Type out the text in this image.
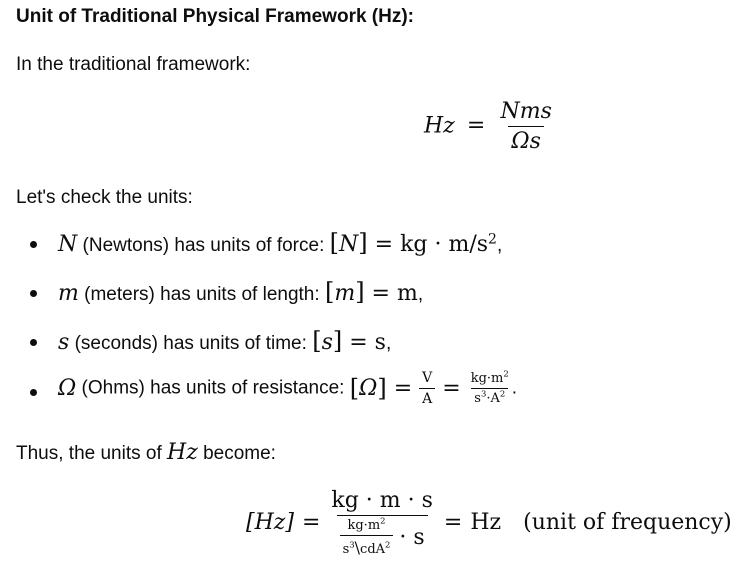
Unit of Traditional Physical Framework (Hz):
In the traditional framework:
$Hz = \frac{\text{Nms}}{\Omega s}$
Let's check the units:
N (Newtons) has units of force: [N] = kg · $m/s^2$,
m (meters) has units of length: [m] = m,
s (seconds) has units of time: [s] = s,
Ω (Ohms) has units of resistance: $[\Omega] = \frac{V}{A} = \frac{kg\cdot m^2}{s^3\cdot A^2}$ .
Thus, the units of Hz become:
$[Hz] = \frac{kg \cdot m \cdot s}{\frac{kg\cdot m^2}{s^3\backslash cdA^2} \cdot s} = Hz$ (unit of frequency)
